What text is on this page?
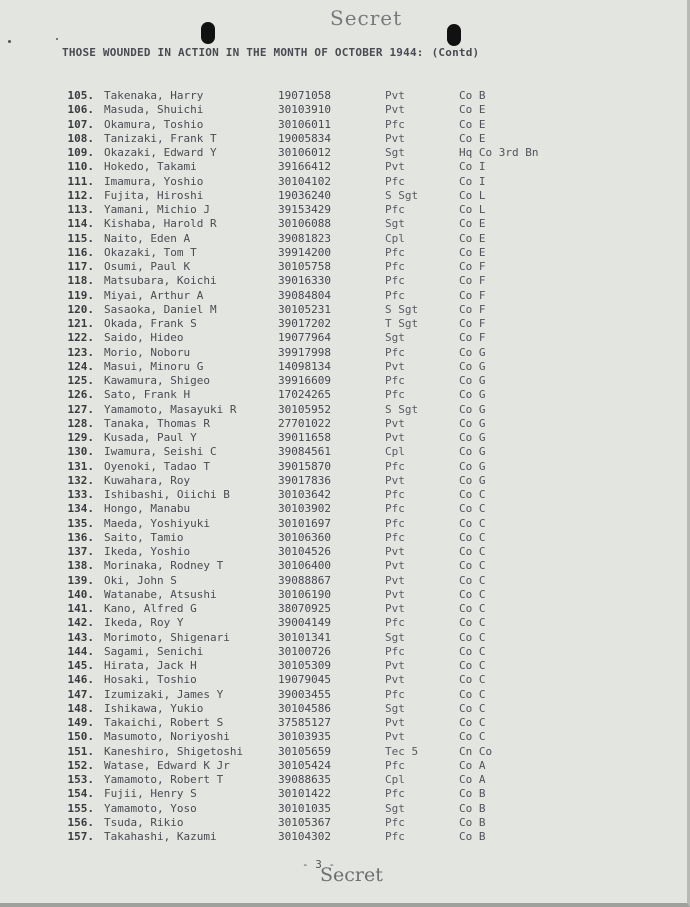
Secret
THOSE WOUNDED IN ACTION IN THE MONTH OF OCTOBER 1944: (Contd)
105. Takenaka, Harry	19071058	Pvt	Co B
106. Masuda, Shuichi	30103910	Pvt	Co E
107. Okamura, Toshio	30106011	Pfc	Co E
108. Tanizaki, Frank T	19005834	Pvt	Co E
109. Okazaki, Edward Y	30106012	Sgt	Hq Co 3rd Bn
110. Hokedo, Takami	39166412	Pvt	Co I
111. Imamura, Yoshio	30104102	Pfc	Co I
112. Fujita, Hiroshi	19036240	S Sgt	Co L
113. Yamani, Michio J	39153429	Pfc	Co L
114. Kishaba, Harold R	30106088	Sgt	Co E
115. Naito, Eden A	39081823	Cpl	Co E
116. Okazaki, Tom T	39914200	Pfc	Co E
117. Osumi, Paul K	30105758	Pfc	Co F
118. Matsubara, Koichi	39016330	Pfc	Co F
119. Miyai, Arthur A	39084804	Pfc	Co F
120. Sasaoka, Daniel M	30105231	S Sgt	Co F
121. Okada, Frank S	39017202	T Sgt	Co F
122. Saido, Hideo	19077964	Sgt	Co F
123. Morio, Noboru	39917998	Pfc	Co G
124. Masui, Minoru G	14098134	Pvt	Co G
125. Kawamura, Shigeo	39916609	Pfc	Co G
126. Sato, Frank H	17024265	Pfc	Co G
127. Yamamoto, Masayuki R	30105952	S Sgt	Co G
128. Tanaka, Thomas R	27701022	Pvt	Co G
129. Kusada, Paul Y	39011658	Pvt	Co G
130. Iwamura, Seishi C	39084561	Cpl	Co G
131. Oyenoki, Tadao T	39015870	Pfc	Co G
132. Kuwahara, Roy	39017836	Pvt	Co G
133. Ishibashi, Oiichi B	30103642	Pfc	Co C
134. Hongo, Manabu	30103902	Pfc	Co C
135. Maeda, Yoshiyuki	30101697	Pfc	Co C
136. Saito, Tamio	30106360	Pfc	Co C
137. Ikeda, Yoshio	30104526	Pvt	Co C
138. Morinaka, Rodney T	30106400	Pvt	Co C
139. Oki, John S	39088867	Pvt	Co C
140. Watanabe, Atsushi	30106190	Pvt	Co C
141. Kano, Alfred G	38070925	Pvt	Co C
142. Ikeda, Roy Y	39004149	Pfc	Co C
143. Morimoto, Shigenari	30101341	Sgt	Co C
144. Sagami, Senichi	30100726	Pfc	Co C
145. Hirata, Jack H	30105309	Pvt	Co C
146. Hosaki, Toshio	19079045	Pvt	Co C
147. Izumizaki, James Y	39003455	Pfc	Co C
148. Ishikawa, Yukio	30104586	Sgt	Co C
149. Takaichi, Robert S	37585127	Pvt	Co C
150. Masumoto, Noriyoshi	30103935	Pvt	Co C
151. Kaneshiro, Shigetoshi	30105659	Tec 5	Cn Co
152. Watase, Edward K Jr	30105424	Pfc	Co A
153. Yamamoto, Robert T	39088635	Cpl	Co A
154. Fujii, Henry S	30101422	Pfc	Co B
155. Yamamoto, Yoso	30101035	Sgt	Co B
156. Tsuda, Rikio	30105367	Pfc	Co B
157. Takahashi, Kazumi	30104302	Pfc	Co B
- 3 -
Secret
